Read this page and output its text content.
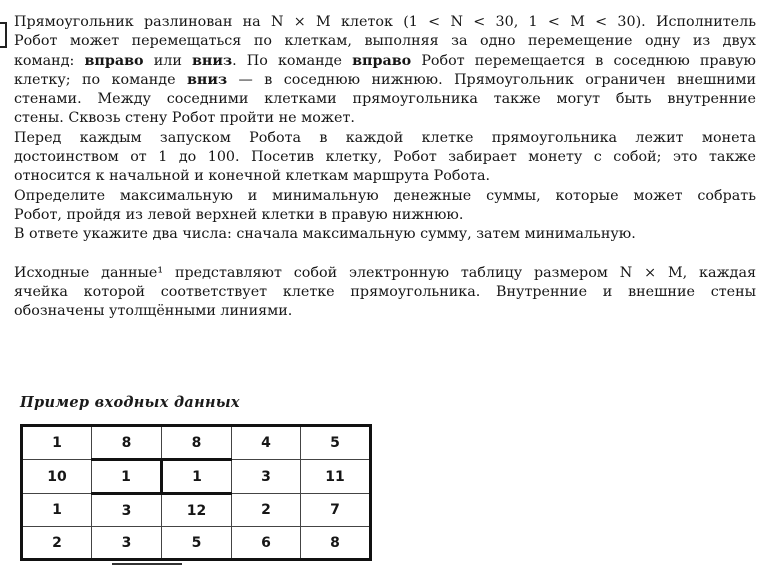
Прямоугольник разлинован на N × M клеток (1 < N < 30, 1 < M < 30). Исполнитель
Робот может перемещаться по клеткам, выполняя за одно перемещение одну из двух
команд: вправо или вниз. По команде вправо Робот перемещается в соседнюю правую
клетку; по команде вниз — в соседнюю нижнюю. Прямоугольник ограничен внешними
стенами. Между соседними клетками прямоугольника также могут быть внутренние
стены. Сквозь стену Робот пройти не может.
Перед каждым запуском Робота в каждой клетке прямоугольника лежит монета
достоинством от 1 до 100. Посетив клетку, Робот забирает монету с собой; это также
относится к начальной и конечной клеткам маршрута Робота.
Определите максимальную и минимальную денежные суммы, которые может собрать
Робот, пройдя из левой верхней клетки в правую нижнюю.
В ответе укажите два числа: сначала максимальную сумму, затем минимальную.
Исходные данные¹ представляют собой электронную таблицу размером N × M, каждая
ячейка которой соответствует клетке прямоугольника. Внутренние и внешние стены
обозначены утолщёнными линиями.
Пример входных данных
1	8	8	4	5
10	1	1	3	11
1	3	12	2	7
2	3	5	6	8
